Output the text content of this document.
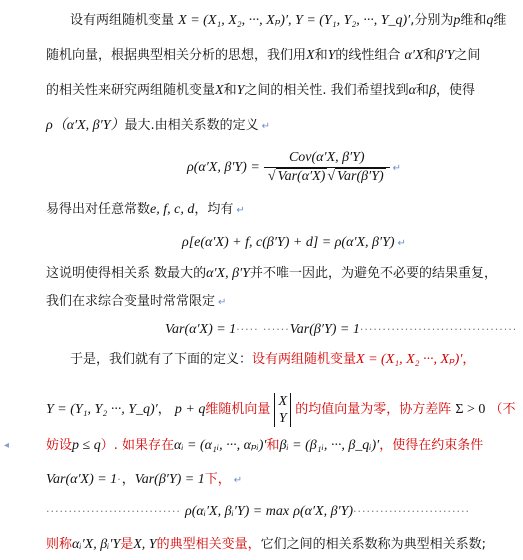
设有两组随机变量 X = (X₁, X₂, ···, Xₚ)′, Y = (Y₁, Y₂, ···, Y_q)′,分别为p维和q维
随机向量，根据典型相关分析的思想，我们用X和Y的线性组合 α′X和β′Y之间
的相关性来研究两组随机变量X和Y之间的相关性. 我们希望找到α和β，使得
ρ（α′X, β′Y）最大.由相关系数的定义 ↵
ρ(α′X, $\beta'Y) = \frac{\text{Cov(α′X, β′Y)}}{\text{√ Var(α′X) √ Var(β′Y)}}$ ↵
易得出对任意常数e, f, c, d，均有 ↵
ρ[e(α′X) + f, c(β′Y) + d] = ρ(α′X, β′Y) ↵
这说明使得相关系 数最大的α′X, β′Y并不唯一因此，为避免不必要的结果重复，
我们在求综合变量时常常限定 ↵
Var(α′X) = 1····· ······Var(β′Y) = 1···································
于是，我们就有了下面的定义：设有两组随机变量X = (X₁, X₂ ···, Xₚ)′，
Y = (Y₁, Y₂ ···, Y_q)′， p + q维随机向量
X
Y
的均值向量为零，协方差阵 Σ > 0 （不
妨设p ≤ q）. 如果存在αᵢ = (α₁ᵢ, ···, αₚᵢ)′和βᵢ = (β₁ᵢ, ···, β_qᵢ)′，使得在约束条件
Var(α′X) = 1·，Var(β′Y) = 1下， ↵
······························ ρ(αᵢ′X, βᵢ′Y) = max ρ(α′X, β′Y)··························
则称αᵢ′X, βᵢ′Y是X, Y的典型相关变量，它们之间的相关系数称为典型相关系数;
◂
